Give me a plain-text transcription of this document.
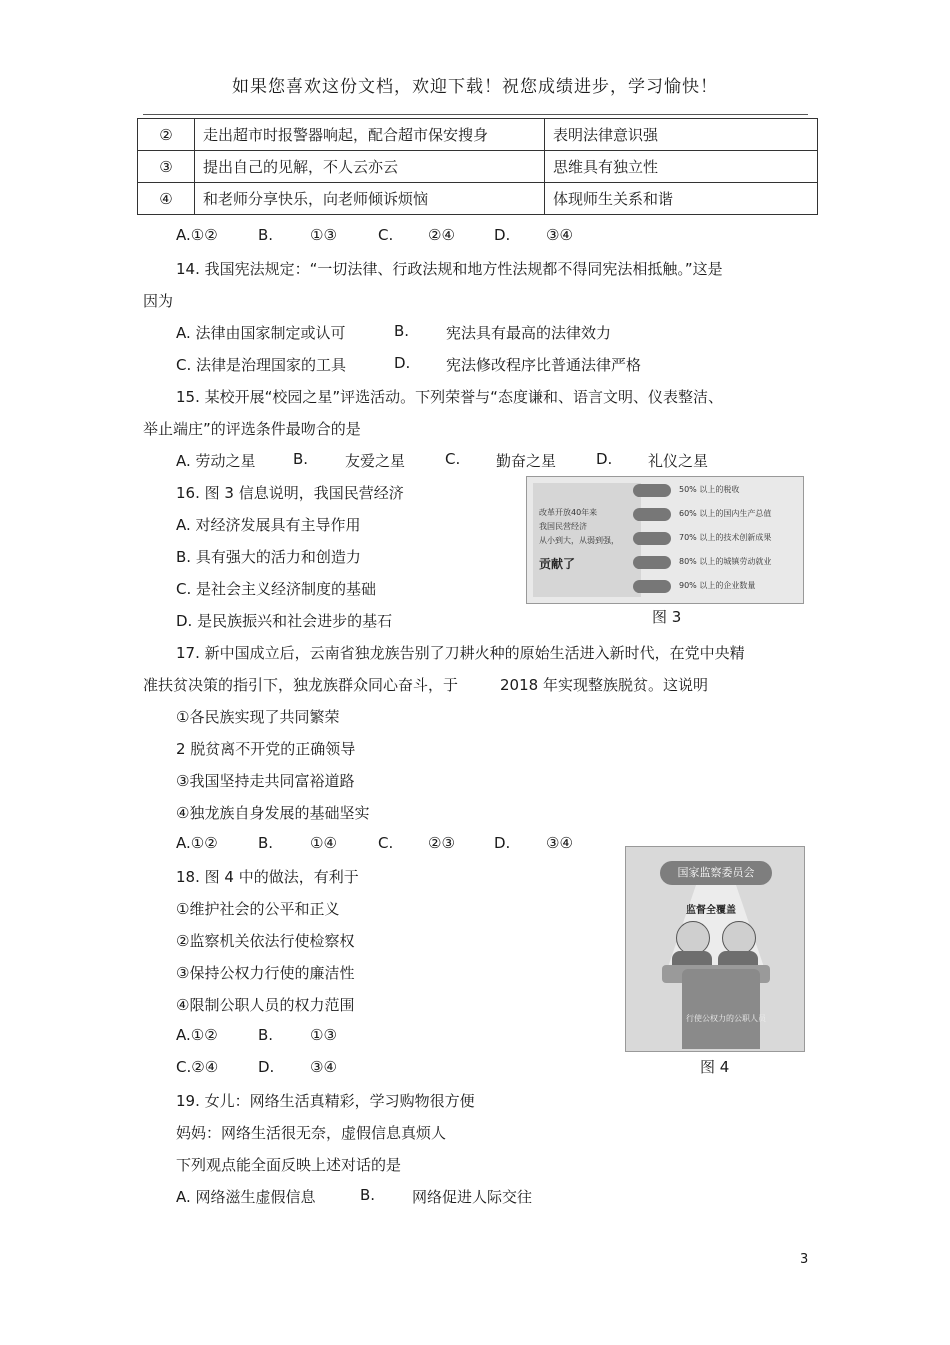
如果您喜欢这份文档，欢迎下载！祝您成绩进步，学习愉快！
②	走出超市时报警器响起，配合超市保安搜身	表明法律意识强
③	提出自己的见解，不人云亦云	思维具有独立性
④	和老师分享快乐，向老师倾诉烦恼	体现师生关系和谐
A.①②	B. ①③	C. ②④	D. ③④
14. 我国宪法规定：“一切法律、行政法规和地方性法规都不得同宪法相抵触。”这是
因为
A. 法律由国家制定或认可	B. 宪法具有最高的法律效力
C. 法律是治理国家的工具	D. 宪法修改程序比普通法律严格
15. 某校开展“校园之星”评选活动。下列荣誉与“态度谦和、语言文明、仪表整洁、
举止端庄”的评选条件最吻合的是
A. 劳动之星 B. 友爱之星	C. 勤奋之星	D. 礼仪之星
16. 图 3 信息说明，我国民营经济
A. 对经济发展具有主导作用
B. 具有强大的活力和创造力
C. 是社会主义经济制度的基础
D. 是民族振兴和社会进步的基石
改革开放40年来
我国民营经济
从小到大，从弱到强，
贡献了
50% 以上的税收
60% 以上的国内生产总值
70% 以上的技术创新成果
80% 以上的城镇劳动就业
90% 以上的企业数量
图 3
17. 新中国成立后，云南省独龙族告别了刀耕火种的原始生活进入新时代，在党中央精
准扶贫决策的指引下，独龙族群众同心奋斗，于	2018 年实现整族脱贫。这说明
①各民族实现了共同繁荣
2 脱贫离不开党的正确领导
③我国坚持走共同富裕道路
④独龙族自身发展的基础坚实
A.①②	B. ①④	C. ②③	D. ③④
18. 图 4 中的做法，有利于
①维护社会的公平和正义
②监察机关依法行使检察权
③保持公权力行使的廉洁性
④限制公职人员的权力范围
A.①②	B. ①③
C.②④	D. ③④
国家监察委员会
监督全覆盖
行使公权力的公职人员
图 4
19. 女儿：网络生活真精彩，学习购物很方便
妈妈：网络生活很无奈，虚假信息真烦人
下列观点能全面反映上述对话的是
A. 网络滋生虚假信息	B. 网络促进人际交往
3
